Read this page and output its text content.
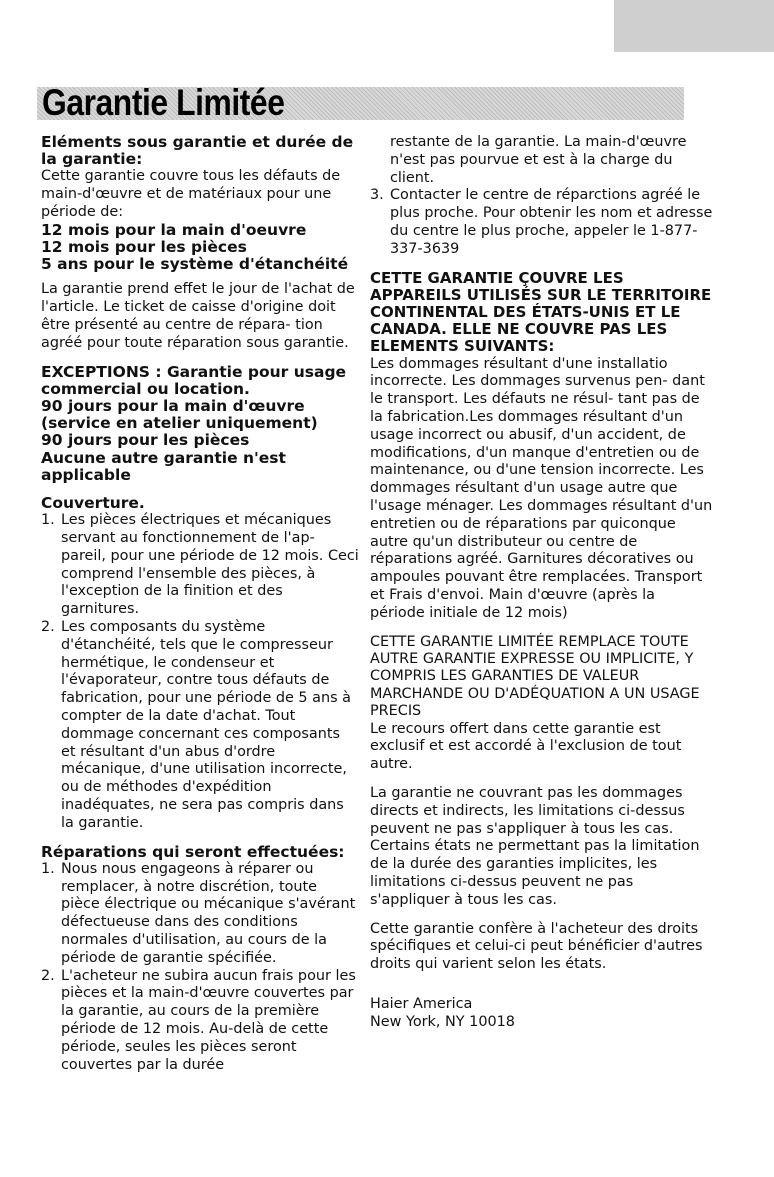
Garantie Limitée

Eléments sous garantie et durée de la garantie:

Cette garantie couvre tous les défauts de main-d'œuvre et de matériaux pour une période de:

12 mois pour la main d'oeuvre

12 mois pour les pièces

5 ans pour le système d'étanchéité

La garantie prend effet le jour de l'achat de l'article. Le ticket de caisse d'origine doit être présenté au centre de répara- tion agréé pour toute réparation sous garantie.

EXCEPTIONS : Garantie pour usage commercial ou location.

90 jours pour la main d'œuvre (service en atelier uniquement)

90 jours pour les pièces

Aucune autre garantie n'est applicable

Couverture.

1. Les pièces électriques et mécaniques servant au fonctionnement de l'ap- pareil, pour une période de 12 mois. Ceci comprend l'ensemble des pièces, à l'exception de la finition et des garnitures.
2. Les composants du système d'étanchéité, tels que le compresseur hermétique, le condenseur et l'évaporateur, contre tous défauts de fabrication, pour une période de 5 ans à compter de la date d'achat. Tout dommage concernant ces composants et résultant d'un abus d'ordre mécanique, d'une utilisation incorrecte, ou de méthodes d'expédition inadéquates, ne sera pas compris dans la garantie.

Réparations qui seront effectuées:

1. Nous nous engageons à réparer ou remplacer, à notre discrétion, toute pièce électrique ou mécanique s'avérant défectueuse dans des conditions normales d'utilisation, au cours de la période de garantie spécifiée.
2. L'acheteur ne subira aucun frais pour les pièces et la main-d'œuvre couvertes par la garantie, au cours de la première période de 12 mois. Au-delà de cette période, seules les pièces seront couvertes par la durée

restante de la garantie. La main-d'œuvre n'est pas pourvue et est à la charge du client.

3. Contacter le centre de réparctions agréé le plus proche. Pour obtenir les nom et adresse du centre le plus proche, appeler le 1-877-337-3639

CETTE GARANTIE ÇOUVRE LES APPAREILS UTILISÉS SUR LE TERRITOIRE CONTINENTAL DES ÉTATS-UNIS ET LE CANADA. ELLE NE COUVRE PAS LES ELEMENTS SUIVANTS:

Les dommages résultant d'une installatio incorrecte. Les dommages survenus pen- dant le transport. Les défauts ne résul- tant pas de la fabrication.Les dommages résultant d'un usage incorrect ou abusif, d'un accident, de modifications, d'un manque d'entretien ou de maintenance, ou d'une tension incorrecte. Les dommages résultant d'un usage autre que l'usage ménager. Les dommages résultant d'un entretien ou de réparations par quiconque autre qu'un distributeur ou centre de réparations agréé. Garnitures décoratives ou ampoules pouvant être remplacées. Transport et Frais d'envoi. Main d'œuvre (après la période initiale de 12 mois)

CETTE GARANTIE LIMITÉE REMPLACE TOUTE AUTRE GARANTIE EXPRESSE OU IMPLICITE, Y COMPRIS LES GARANTIES DE VALEUR MARCHANDE OU D'ADÉQUATION A UN USAGE PRECIS

Le recours offert dans cette garantie est exclusif et est accordé à l'exclusion de tout autre.

La garantie ne couvrant pas les dommages directs et indirects, les limitations ci-dessus peuvent ne pas s'appliquer à tous les cas. Certains états ne permettant pas la limitation de la durée des garanties implicites, les limitations ci-dessus peuvent ne pas s'appliquer à tous les cas.

Cette garantie confère à l'acheteur des droits spécifiques et celui-ci peut bénéficier d'autres droits qui varient selon les états.

Haier America

New York, NY 10018
